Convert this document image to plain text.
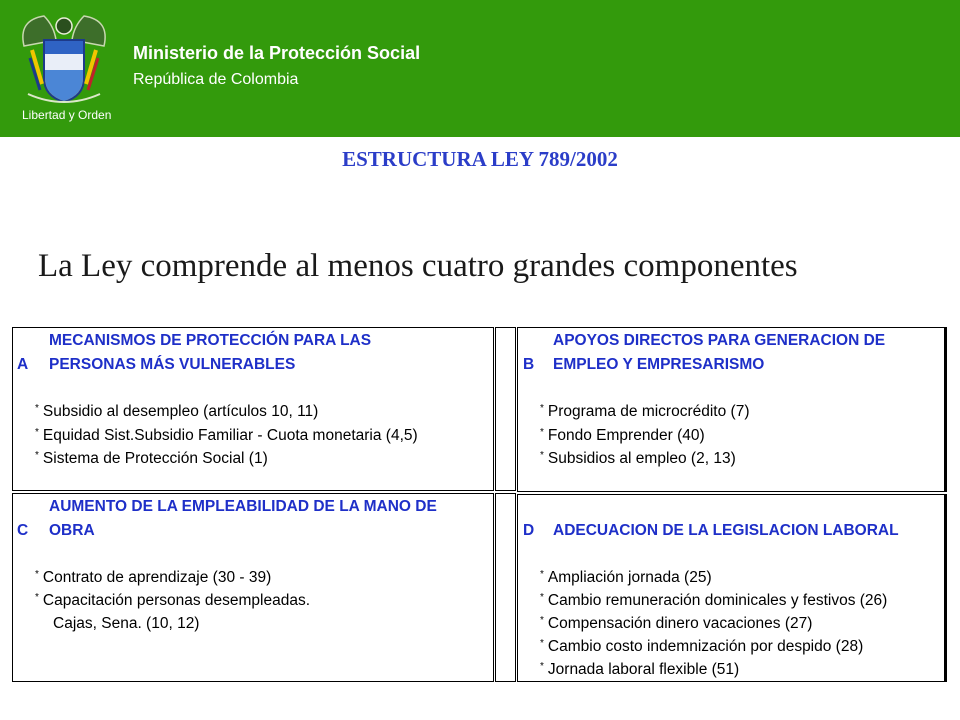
Libertad y Orden
Ministerio de la Protección Social
República de Colombia
ESTRUCTURA LEY 789/2002
La Ley comprende al menos cuatro grandes componentes
MECANISMOS DE PROTECCIÓN PARA LAS
A PERSONAS MÁS VULNERABLES
* Subsidio al desempleo (artículos 10, 11)
* Equidad Sist.Subsidio Familiar - Cuota monetaria (4,5)
* Sistema de Protección Social (1)
APOYOS DIRECTOS PARA GENERACION DE
B EMPLEO Y EMPRESARISMO
* Programa de microcrédito (7)
* Fondo Emprender (40)
* Subsidios al empleo (2, 13)
AUMENTO DE LA EMPLEABILIDAD DE LA MANO DE
C OBRA
* Contrato de aprendizaje (30 - 39)
* Capacitación personas desempleadas.
Cajas, Sena. (10, 12)
D ADECUACION DE LA LEGISLACION LABORAL
* Ampliación jornada (25)
* Cambio remuneración dominicales y festivos (26)
* Compensación dinero vacaciones (27)
* Cambio costo indemnización por despido (28)
* Jornada laboral flexible (51)
